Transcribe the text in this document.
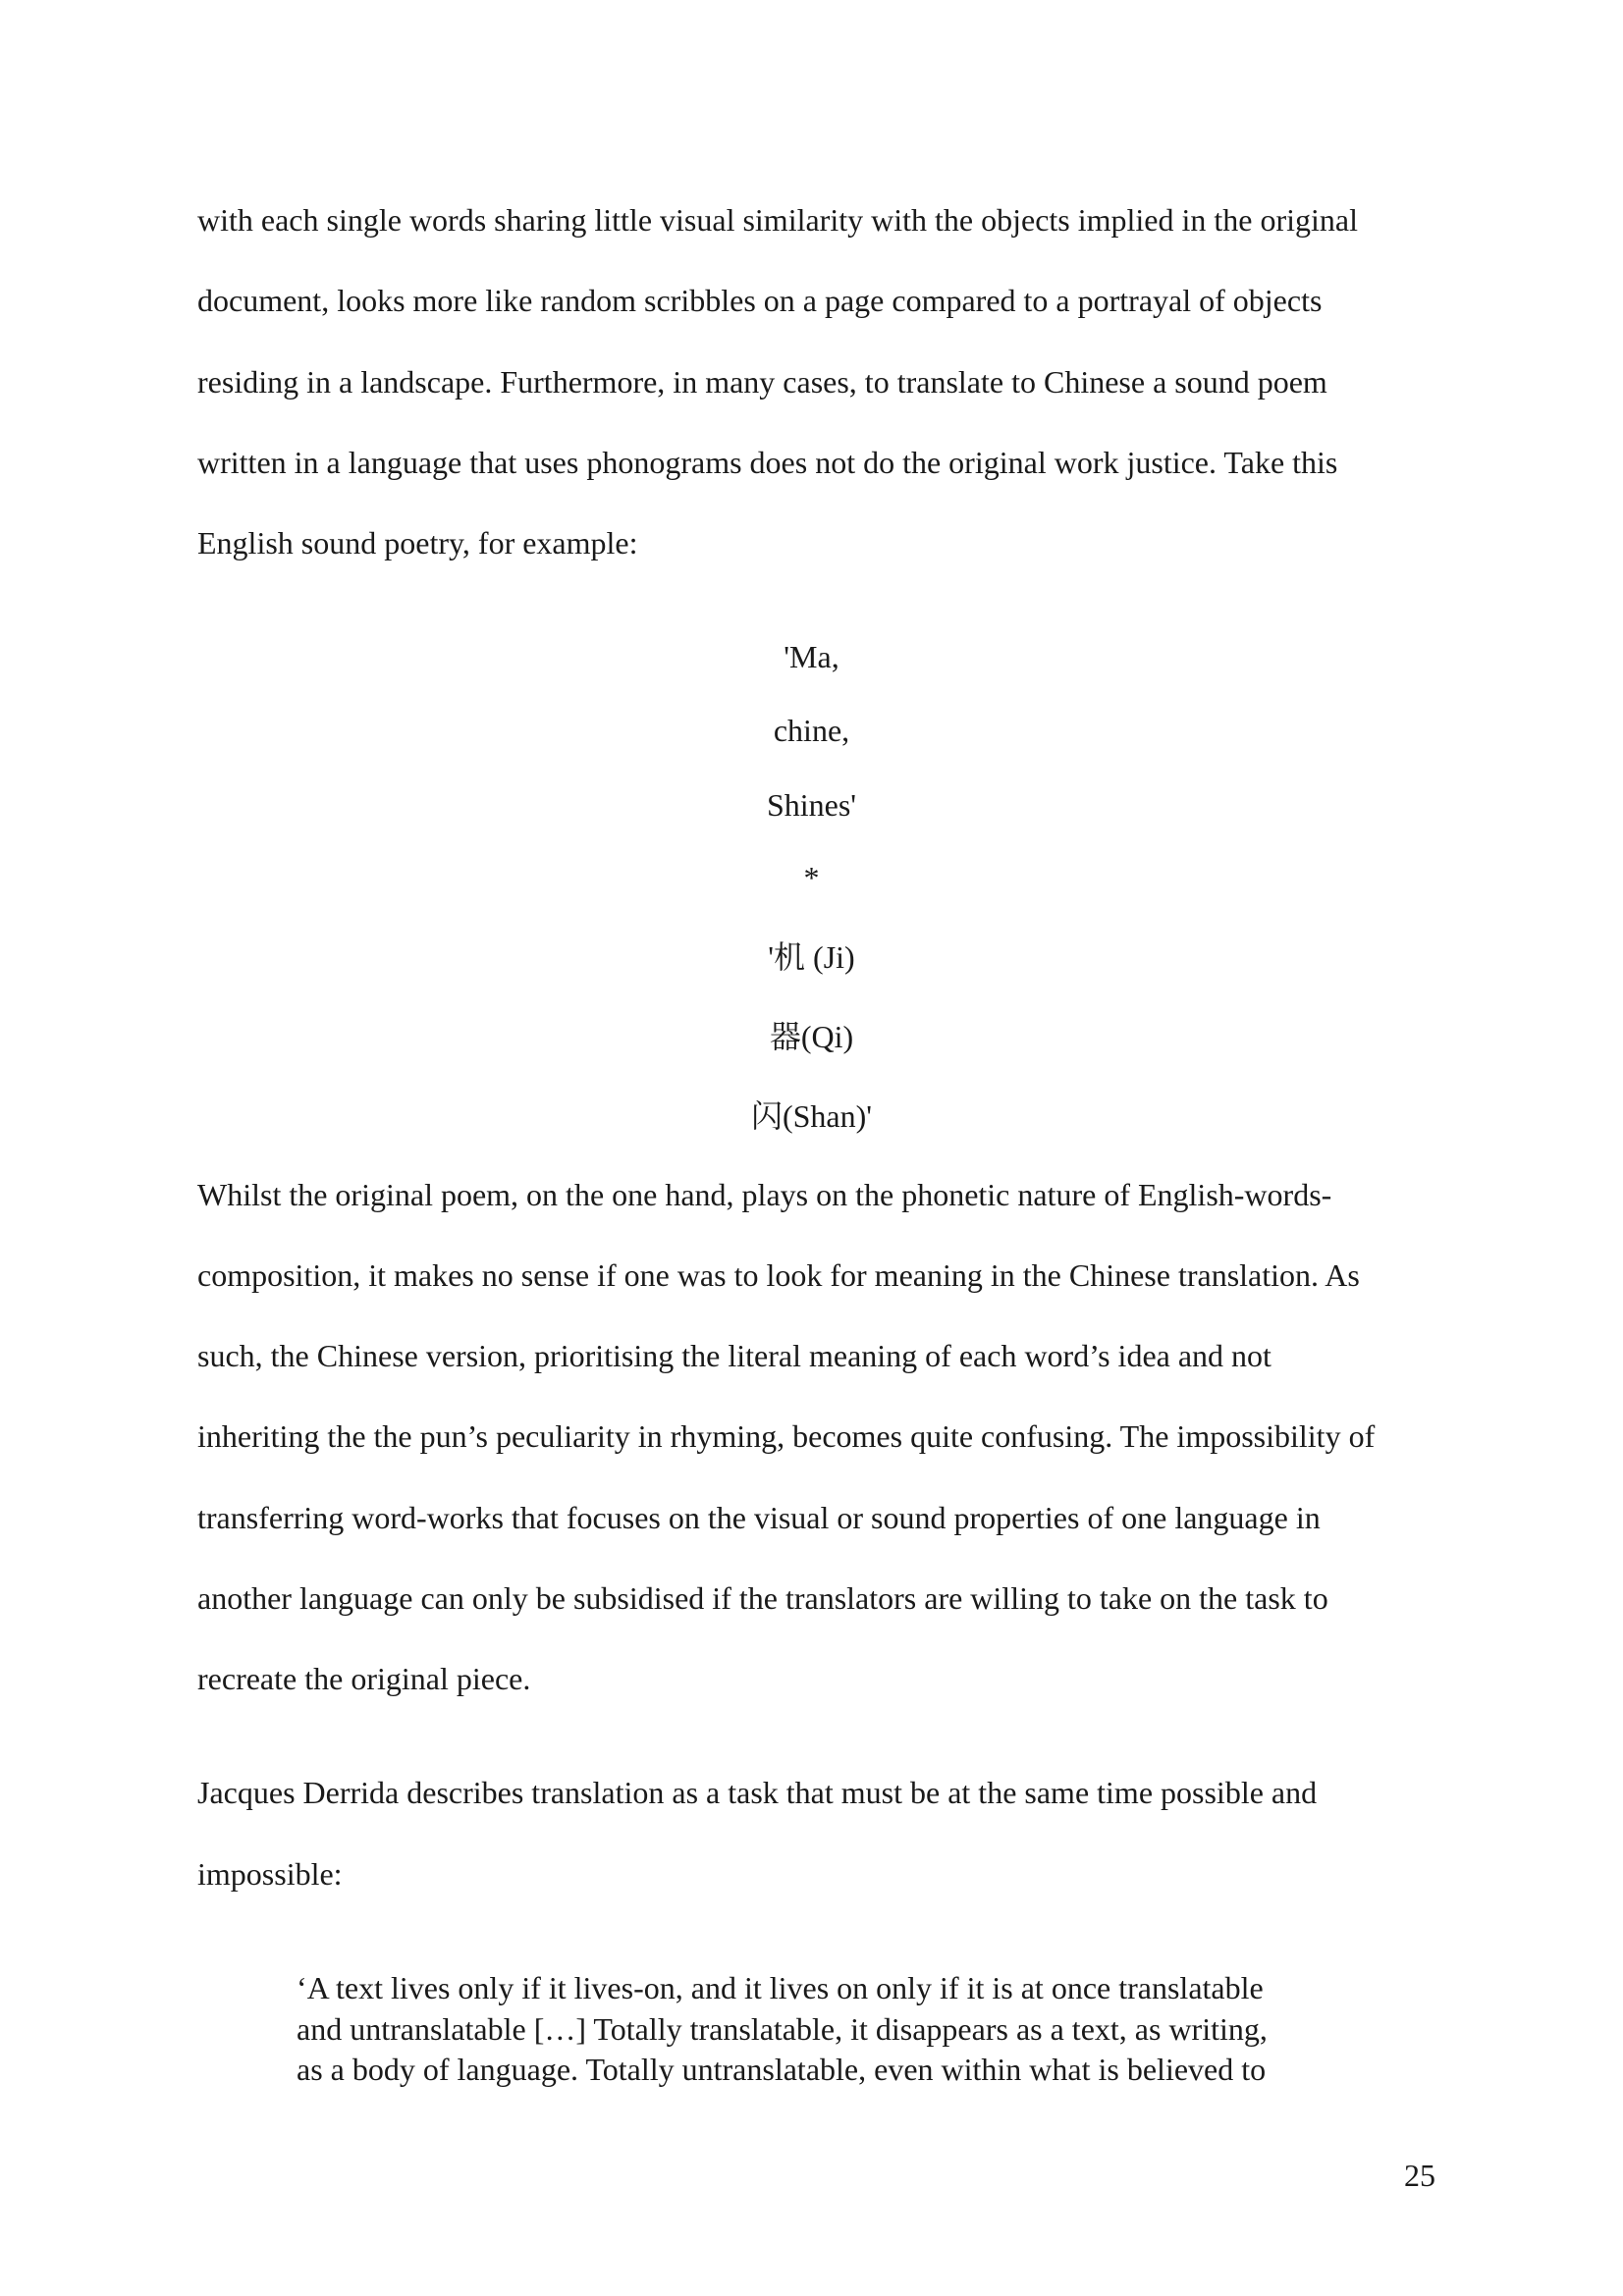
with each single words sharing little visual similarity with the objects implied in the original
document, looks more like random scribbles on a page compared to a portrayal of objects
residing in a landscape. Furthermore, in many cases, to translate to Chinese a sound poem
written in a language that uses phonograms does not do the original work justice. Take this
English sound poetry, for example:
'Ma,
chine,
Shines'
*
'机 (Ji)
器(Qi)
闪(Shan)'
Whilst the original poem, on the one hand, plays on the phonetic nature of English-words-
composition, it makes no sense if one was to look for meaning in the Chinese translation. As
such, the Chinese version, prioritising the literal meaning of each word’s idea and not
inheriting the the pun’s peculiarity in rhyming, becomes quite confusing. The impossibility of
transferring word-works that focuses on the visual or sound properties of one language in
another language can only be subsidised if the translators are willing to take on the task to
recreate the original piece.
Jacques Derrida describes translation as a task that must be at the same time possible and
impossible:
‘A text lives only if it lives-on, and it lives on only if it is at once translatable
and untranslatable […] Totally translatable, it disappears as a text, as writing,
as a body of language. Totally untranslatable, even within what is believed to
25
